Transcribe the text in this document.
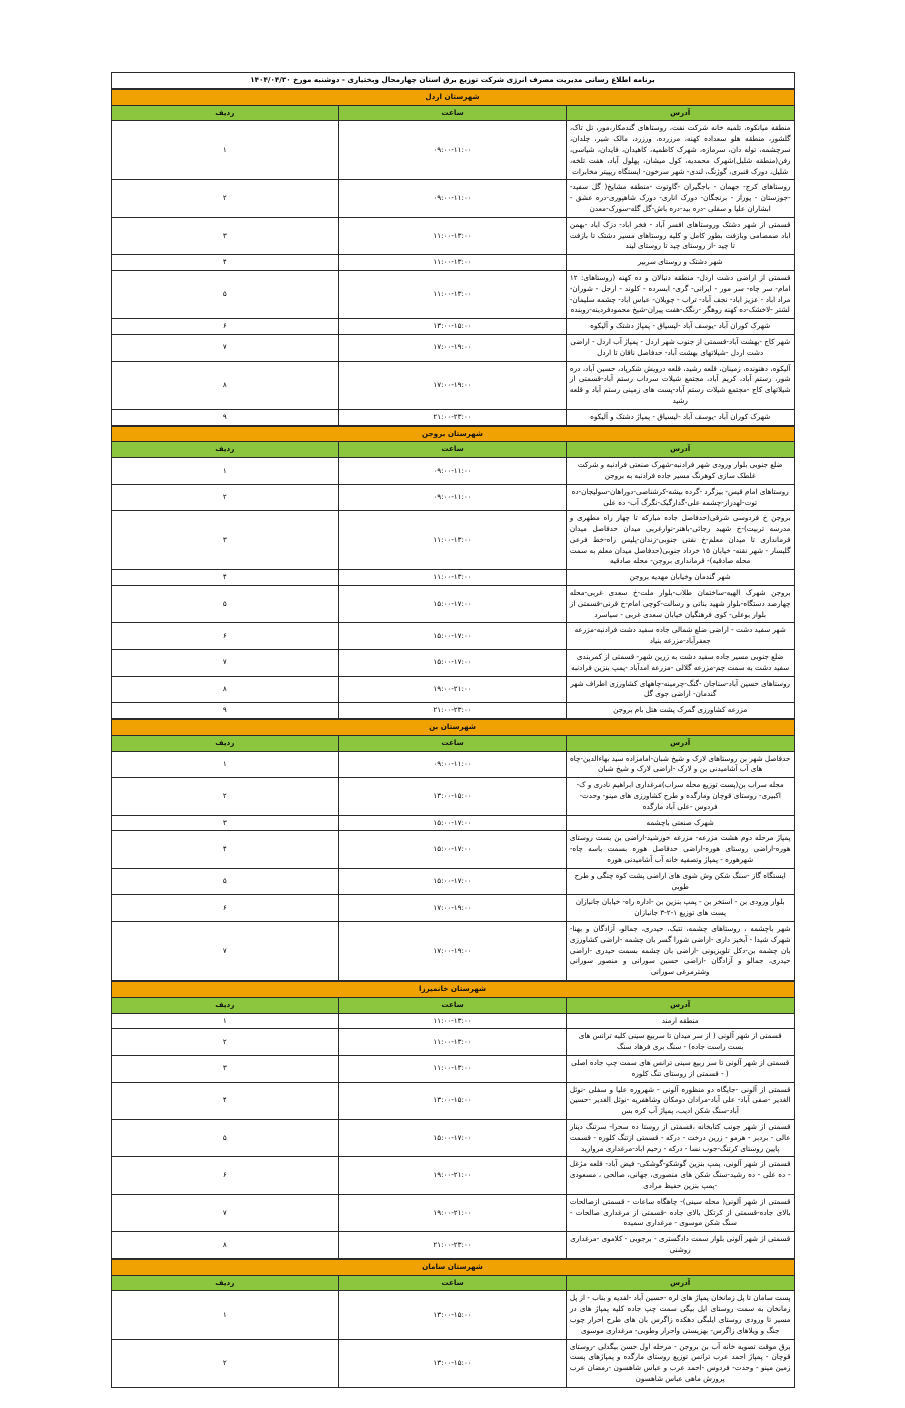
برنامه اطلاع رسانی مدیریت مصرف انرژی شرکت توزیع برق استان چهارمحال وبختیاری - دوشنبه مورخ ۱۴۰۴/۰۴/۳۰
شهرستان اردل		
آدرس	ساعت	ردیف
منطقه میانکوه، تلمبه خانه شرکت نفت، روستاهای گندمکار،مور، تل تاک، گلشور، منطقه هلو سعداده کهنه، مرزرده، ورزرد، مالک شیر، چلدان، سرچشمه، توله دان، سرمازه، شهرک کاظمیه، کاهیدان، فایدان، شیاسی، رفن(منطقه شلیل)شهرک محمدیه، کول میشان، پهلول آباد، هفت تلخه، شلیل، دورک قنبری، گوژنگ، لندی- شهر سرخون- ایستگاه ریپیتر مخابرات	۰۹:۰۰-۱۱:۰۰	۱
روستاهای کرج- جهمان - باجگیران -گاوتوت -منطقه مشایخ( گل سفید- -جوزستان - پوراز - برنجگان- دورک اناری- دورک شاهپوری-دره عشق - ابشاران علیا و سفلی -دره بید-دره باش-گل گله-سورک-معدن	۰۹:۰۰-۱۱:۰۰	۲
قسمتی از شهر دشتک وروستاهای افسر آباد - فخر اباد- دزک اباد -بهمن اباد صمصامی وبازفت بطور کامل و کلیه روستاهای مسیر دشتک تا بازفت تا چید -از روستای چید تا روستای لیند	۱۱:۰۰-۱۳:۰۰	۳
شهر دشتک و روستای سربیر	۱۱:۰۰-۱۳:۰۰	۴
قسمتی از اراضی دشت اردل- منطقه دنبالان و ده کهنه (روستاهای: ۱۲ امام- سر چاه- سر مور - ایرانی- گری- ابسرده - کلوند - ارجل - شوران- مراد اباد - عزیز اباد- نجف آباد- تراب - چویلان- عباس اباد- چشمه سلیمان-لشتر -لاخشک-ده کهنه روهگر -رنگک-هفت پیران-شیخ محمودفردینه-روبنده	۱۱:۰۰-۱۳:۰۰	۵
شهرک کوران آباد -یوسف آباد -لیسیاق - پمپاژ دشتک و آلیکوه	۱۳:۰۰-۱۵:۰۰	۶
شهر کاج -بهشت آباد-قسمتی از جنوب شهر اردل - پمپاژ آب اردل - اراضی دشت اردل -شیلاتهای بهشت آباد- حدفاصل ناقان تا اردل	۱۷:۰۰-۱۹:۰۰	۷
آلیکوه، دهنونده، زمینان، قلعه رشید، قلعه درویش شکرپاد، حسین آباد، دره شور، رستم آباد، کریم آباد، مجتمع شیلات سرداب رستم آباد-قسمتی از شیلاتهای کاج -مجتمع شیلات رستم آباد-پست های زمینی رستم آباد و قلعه رشید	۱۷:۰۰-۱۹:۰۰	۸
شهرک کوران آباد -یوسف آباد -لیسیاق - پمپاژ دشتک و آلیکوه	۲۱:۰۰-۲۳:۰۰	۹
شهرستان بروجن		
آدرس	ساعت	ردیف
ضلع جنوبی بلوار ورودی شهر فرادنبه-شهرک صنعتی فرادنبه و شرکت غلطک سازی کوهرنگ مسیر جاده فرادنبه به بروجن	۰۹:۰۰-۱۱:۰۰	۱
روستاهای امام قیس- بیزگرد -گرده بیشه-کرشناصی-دوراهان-سولیجان-ده توت-لهدراز-چشمه علی-گدارگبک-نگرگ آب- ده علی	۰۹:۰۰-۱۱:۰۰	۲
بروجن خ فردوسی شرقی(حدفاصل جاده مبارکه تا چهار راه مطهری و مدرسه تربیت)-خ شهید رجائی-باهنر-نوارغربی میدان حدفاصل میدان قرمانداری تا میدان معلم-خ نفتی جنوبی-زندان-پلیس راه-خط فرعی گلیسار - شهر نقنه- خیابان ۱۵ خرداد جنوبی(حدفاصل میدان معلم به سمت محله صادقیه)- قرمانداری بروجن- محله صادقیه	۱۱:۰۰-۱۳:۰۰	۳
شهر گندمان وخیابان مهدیه بروجن	۱۱:۰۰-۱۳:۰۰	۴
بروجن شهرک الهیه-ساختمان طلاب-بلوار ملت-خ سعدی غربی-محله چهارصد دستگاه-بلوار شهید بناتی و رسالت-کوچی امام-خ قرنی-قسمتی از بلوار بوعلی- کوی فرهنگیان خیابان سعدی غربی - سیاسرد	۱۵:۰۰-۱۷:۰۰	۵
شهر سفید دشت - اراضی ضلع شمالی جاده سفید دشت فرادنبه-مزرعه جعفرآباد-مزرعه بنیاد	۱۵:۰۰-۱۷:۰۰	۶
ضلع جنوبی مسیر جاده سفید دشت به زرین شهر- قسمتی از کمربندی سفید دشت به سمت چم-مزرعه گلالی -مزرعه امدآباد -پمپ بنزین فرادنبه	۱۵:۰۰-۱۷:۰۰	۷
روستاهای حسین آباد-سناجان -گنگ-چرمینه-چاههای کشاورزی اطراف شهر گندمان- اراضی جوی گل	۱۹:۰۰-۲۱:۰۰	۸
مزرعه کشاورزی گمرک پشت هتل بام بروجن	۲۱:۰۰-۲۳:۰۰	۹
شهرستان بن		
آدرس	ساعت	ردیف
حدفاصل شهر بن روستاهای لارک و شیخ شبان-امامزاده سید بهاءالدین-چاه های آب آشامیدنی بن و لارک -اراضی لارک و شیخ شبان	۰۹:۰۰-۱۱:۰۰	۱
محله سراب بن(پست توزیع محله سراب)مرغداری ابراهیم نادری و ک-اکبیری- روستای قوچان ومارگده و طرح کشاورزی های مینو- وحدت- فردوس -علی آباد مارگده	۱۳:۰۰-۱۵:۰۰	۲
شهرک صنعتی باچشمه	۱۵:۰۰-۱۷:۰۰	۳
پمپاژ مرحله دوم هشت مزرعه- مزرعه خورشید-اراضی بن بست روستای هوره-اراضی روستای هوره-اراضی حدفاصل هوره بسمت باسه چاه-شهرهوره - پمپاژ وتصفیه خانه آب آشامیدنی هوره	۱۵:۰۰-۱۷:۰۰	۴
ایستگاه گاز -سنگ شکن وش شوی های اراضی پشت کوه چنگی و طرح طوبی	۱۵:۰۰-۱۷:۰۰	۵
بلوار ورودی بن - استخر بن - پمپ بنزین بن -اداره راه- خیابان جانبازان پست های توزیع ۱-۲-۳ جانبازان	۱۷:۰۰-۱۹:۰۰	۶
شهر باچشمه ، روستاهای چشمه، تتبک، حیدری، جمالو، آزادگان و بهنا-شهرک شیدا - آبخیز داری -اراضی شورا گسر بان چشمه -اراضی کشاورزی بان چشمه بن-دکل تلویزیونی -اراضی بان چشمه بسمت حیدری -اراضی حیدری، جمالو و آزادگان -اراضی حسین سورانی و منصور سورانی وشترمرغی سورانی	۱۷:۰۰-۱۹:۰۰	۷
شهرستان خانمیرزا		
آدرس	ساعت	ردیف
منطقه ارمند	۱۱:۰۰-۱۳:۰۰	۱
قسمتی از شهر آلونی ( از سر میدان تا سربیع سینی کلیه ترانس های بست راست جاده) - سنگ بری فرهاد سنگ	۱۱:۰۰-۱۳:۰۰	۲
قسمتی از شهر آلونی تا سر ربیع سینی ترانس های سمت چپ جاده اصلی ( - قسمتی از روستای تنگ کلوره	۱۱:۰۰-۱۳:۰۰	۳
قسمتی از آلونی -جایگاه دو منظوره آلونی - شهروره علیا و سفلی -نوئل الغدیر -صفی آباد- علی آباد-مرادان دومکان وشاهفریه -نوئل الغدیر -حسین آباد-سنگ شکن ادیب، پمپاژ آب کره بس	۱۳:۰۰-۱۵:۰۰	۴
قسمتی از شهر جونب کتابخانه ،قسمتی از روستا ده سحرا- سرتنگ دینار عالی - بردبر - هرمو - زرین درخت - درکه - قسمتی ازتنگ کلوره - قسمت پایین روستای کرتنگ-جوب نسا - درکه - رحیم اباد-مرغداری مروارید	۱۵:۰۰-۱۷:۰۰	۵
قسمتی از شهر آلونی، پمپ بنزین گوشکو-گوشکی- فیض آباد- قلعه مژغل - ده علی - ده رشید-سنگ شکن های منصوری، جهانی، صالحی ، مسعودی -پمپ بنزین حفیظ مرادی	۱۹:۰۰-۲۱:۰۰	۶
قسمتی از شهر آلونی( محله سینی)- چاهگاه ساعات - قسمتی ازصالحات بالای جاده-قسمتی از کرتکل بالای جاده -قسمتی از مرغداری صالحات - سنگ شکن موسوی - مرغداری سمیده	۱۹:۰۰-۲۱:۰۰	۷
قسمتی از شهر آلونی بلوار سمت دادگستری - برجویی - کلاموی -مرغداری روشنی	۲۱:۰۰-۲۳:۰۰	۸
شهرستان سامان		
آدرس	ساعت	ردیف
پست سامان تا پل زمانخان پمپاژ های لره -حسین آباد -لفدیه و بناب - از پل زمانخان به سمت روستای ایل بیگی سمت چپ جاده کلیه پمپاژ های در مسیر تا ورودی روستای ایلبگی دهکده زاگرس بان های طرح احرار چوب جنگ و ویلاهای زاگرس- بهزیستی واحرار وطوبی- مرغداری موسوی	۱۳:۰۰-۱۵:۰۰	۱
برق موقت تصویه خانه آب بن بروجن - مرحله اول حسن بیگدلی -روستای قوچان - پمپاژ احمد عرب ترانس توزیع روستای مارگده و پمپاژهای پست زمین مینو - وحدت- فردوس -احمد عرب و عباس شاهسون -رمضان عرب پرورش ماهی عباس شاهسون	۱۳:۰۰-۱۵:۰۰	۲
